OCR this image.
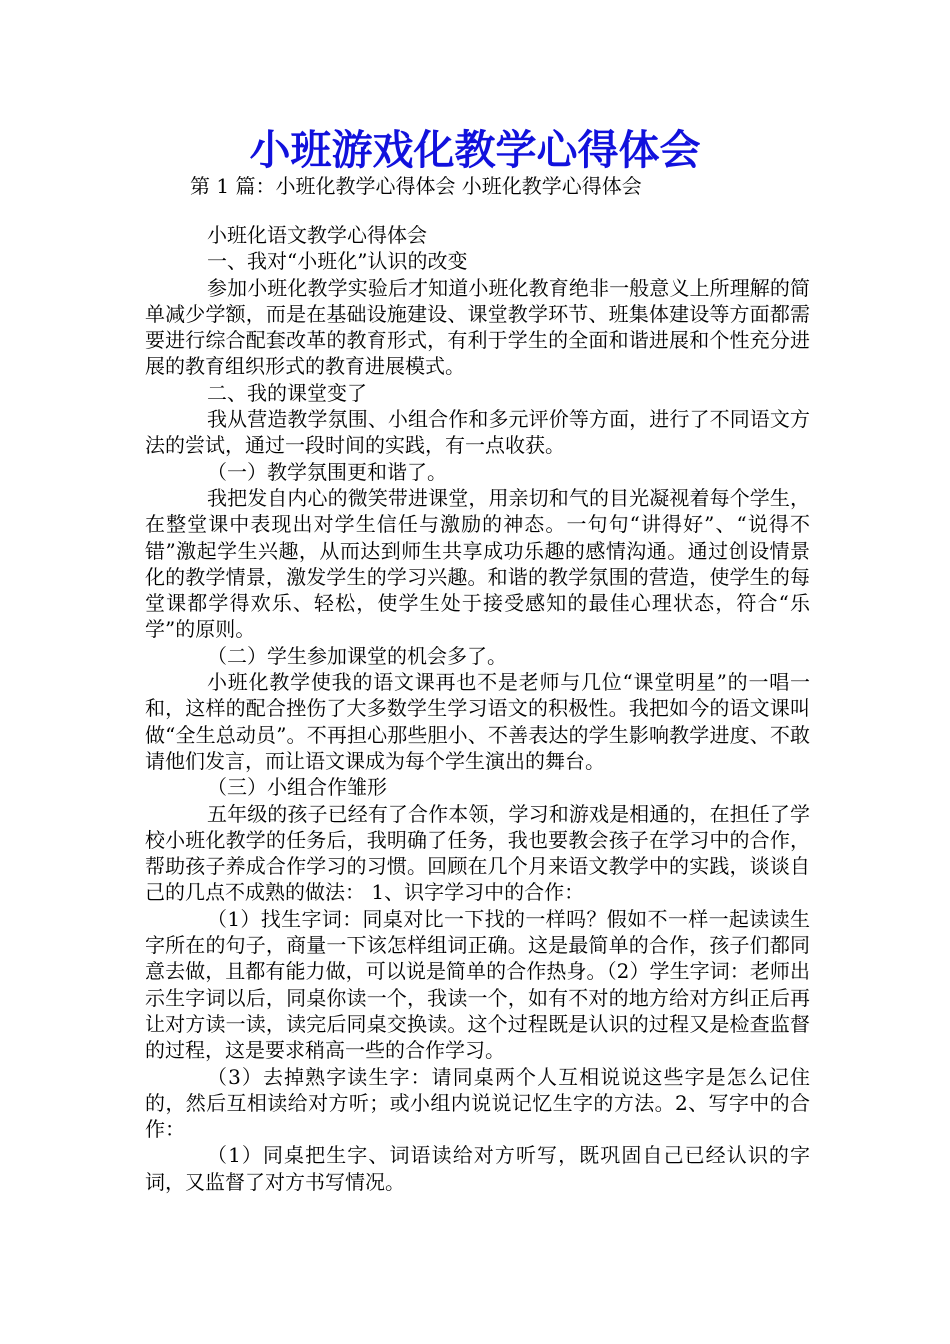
小班游戏化教学心得体会
第 1 篇：小班化教学心得体会 小班化教学心得体会

小班化语文教学心得体会

一、我对“小班化”认识的改变

参加小班化教学实验后才知道小班化教育绝非一般意义上所理解的简单减少学额，而是在基础设施建设、课堂教学环节、班集体建设等方面都需要进行综合配套改革的教育形式，有利于学生的全面和谐进展和个性充分进展的教育组织形式的教育进展模式。

二、我的课堂变了

我从营造教学氛围、小组合作和多元评价等方面，进行了不同语文方法的尝试，通过一段时间的实践，有一点收获。

（一）教学氛围更和谐了。

我把发自内心的微笑带进课堂，用亲切和气的目光凝视着每个学生，在整堂课中表现出对学生信任与激励的神态。一句句“讲得好”、“说得不错”激起学生兴趣，从而达到师生共享成功乐趣的感情沟通。通过创设情景化的教学情景，激发学生的学习兴趣。和谐的教学氛围的营造，使学生的每堂课都学得欢乐、轻松，使学生处于接受感知的最佳心理状态，符合“乐学”的原则。

（二）学生参加课堂的机会多了。

小班化教学使我的语文课再也不是老师与几位“课堂明星”的一唱一和，这样的配合挫伤了大多数学生学习语文的积极性。我把如今的语文课叫做“全生总动员”。不再担心那些胆小、不善表达的学生影响教学进度、不敢请他们发言，而让语文课成为每个学生演出的舞台。

（三）小组合作雏形

五年级的孩子已经有了合作本领，学习和游戏是相通的，在担任了学校小班化教学的任务后，我明确了任务，我也要教会孩子在学习中的合作，帮助孩子养成合作学习的习惯。回顾在几个月来语文教学中的实践，谈谈自己的几点不成熟的做法： 1、识字学习中的合作：

（1）找生字词：同桌对比一下找的一样吗？假如不一样一起读读生字所在的句子，商量一下该怎样组词正确。这是最简单的合作，孩子们都同意去做，且都有能力做，可以说是简单的合作热身。（2）学生字词：老师出示生字词以后，同桌你读一个，我读一个，如有不对的地方给对方纠正后再让对方读一读，读完后同桌交换读。这个过程既是认识的过程又是检查监督的过程，这是要求稍高一些的合作学习。

（3）去掉熟字读生字：请同桌两个人互相说说这些字是怎么记住的，然后互相读给对方听；或小组内说说记忆生字的方法。2、写字中的合作：

（1）同桌把生字、词语读给对方听写，既巩固自己已经认识的字词，又监督了对方书写情况。
